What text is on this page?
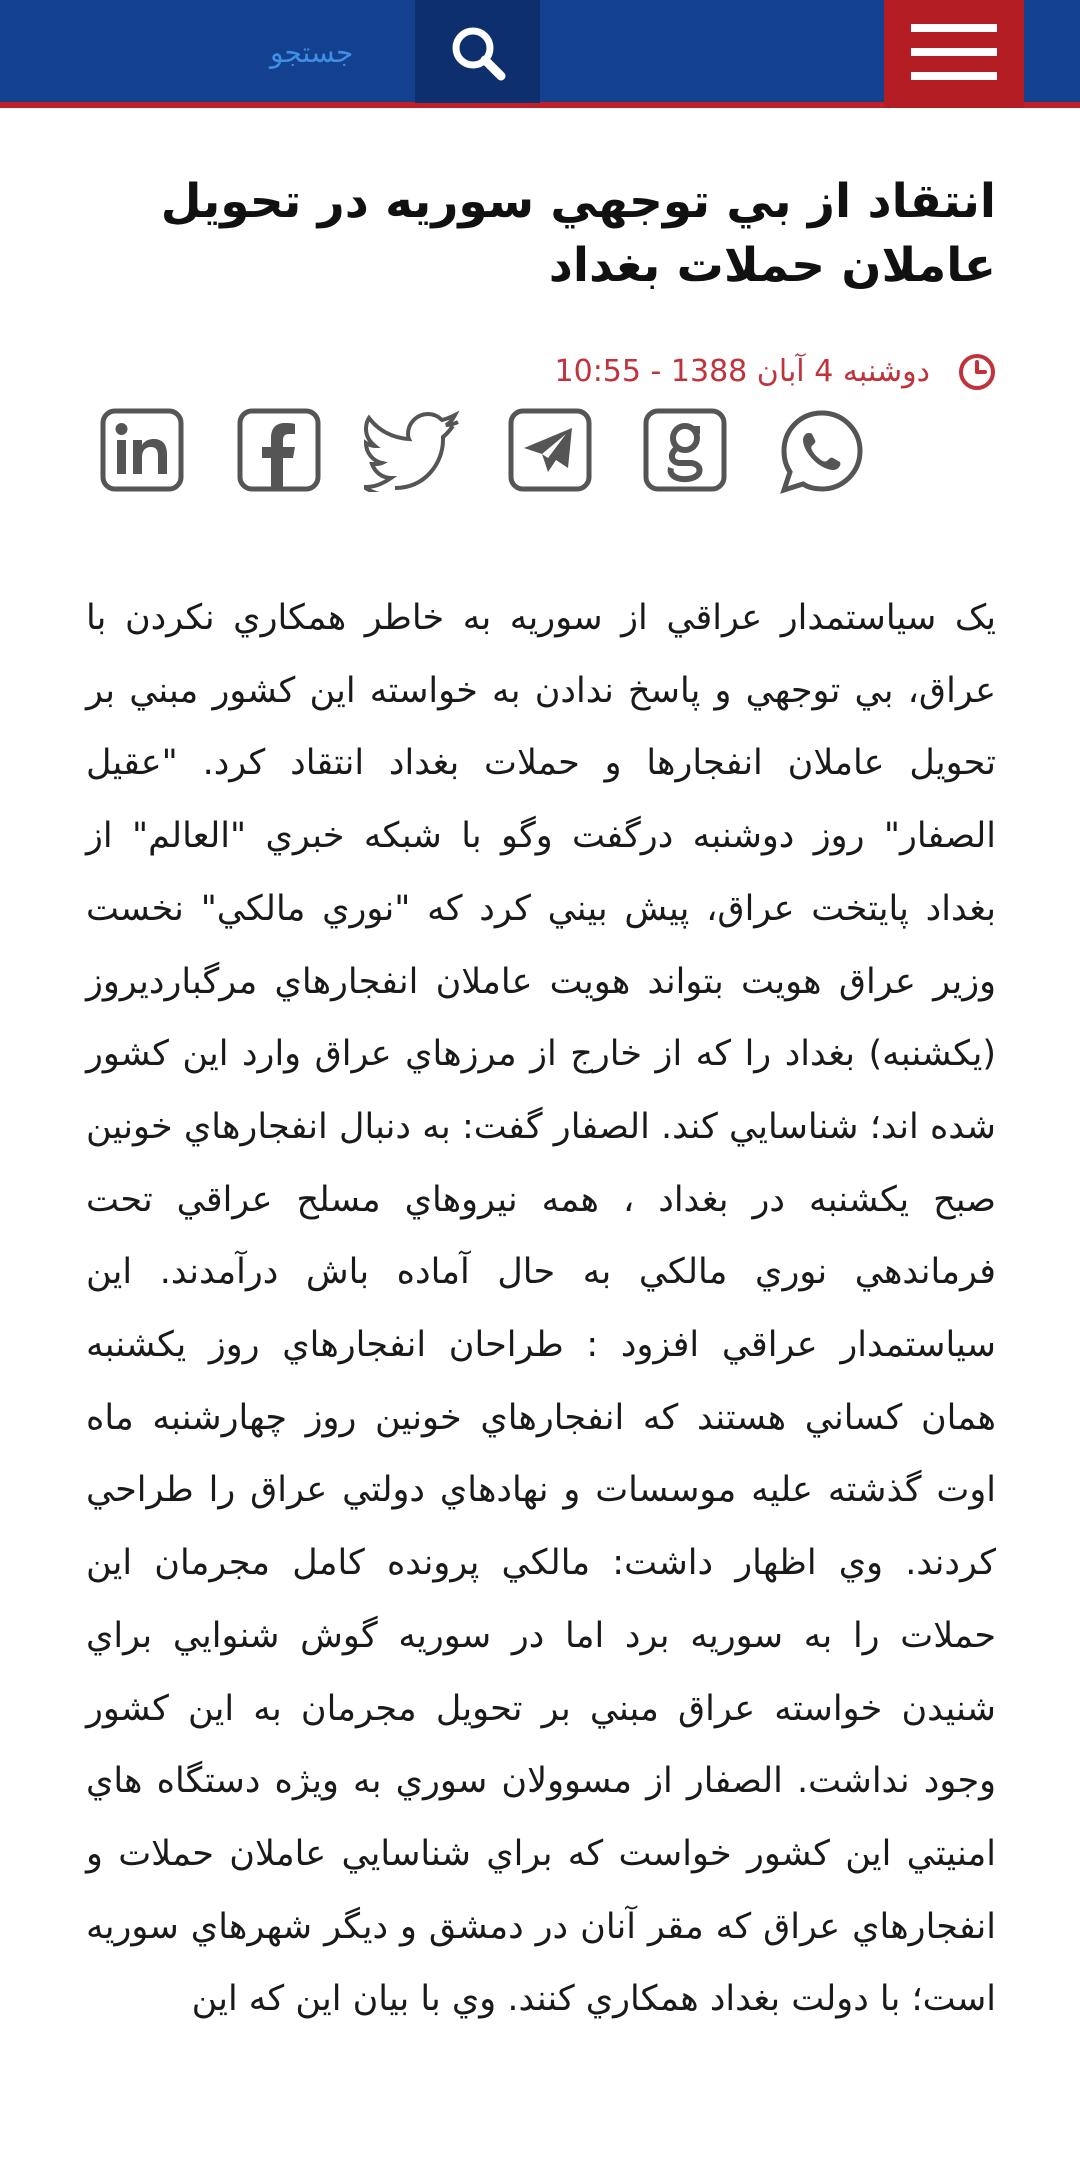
جستجو
انتقاد از بي توجهي سوريه در تحويل عاملان حملات بغداد
دوشنبه 4 آبان 1388 - 10:55

يک سياستمدار عراقي از سوريه به خاطر همکاري نکردن با عراق، بي توجهي و پاسخ ندادن به خواسته اين کشور مبني بر تحويل عاملان انفجارها و حملات بغداد انتقاد کرد. "عقيل الصفار" روز دوشنبه درگفت وگو با شبکه خبري "العالم" از بغداد پايتخت عراق، پيش بيني کرد که "نوري مالکي" نخست وزير عراق هويت بتواند هويت عاملان انفجارهاي مرگبارديروز (يکشنبه) بغداد را که از خارج از مرزهاي عراق وارد اين کشور شده اند؛ شناسايي کند. الصفار گفت: به دنبال انفجارهاي خونين صبح يکشنبه در بغداد ، همه نيروهاي مسلح عراقي تحت فرماندهي نوري مالکي به حال آماده باش درآمدند. اين سياستمدار عراقي افزود : طراحان انفجارهاي روز يکشنبه همان کساني هستند که انفجارهاي خونين روز چهارشنبه ماه اوت گذشته عليه موسسات و نهادهاي دولتي عراق را طراحي کردند. وي اظهار داشت: مالکي پرونده کامل مجرمان اين حملات را به سوريه برد اما در سوريه گوش شنوايي براي شنيدن خواسته عراق مبني بر تحويل مجرمان به اين کشور وجود نداشت. الصفار از مسوولان سوري به ويژه دستگاه هاي امنيتي اين کشور خواست که براي شناسايي عاملان حملات و انفجارهاي عراق که مقر آنان در دمشق و ديگر شهرهاي سوريه است؛ با دولت بغداد همکاري کنند. وي با بيان اين که اين
